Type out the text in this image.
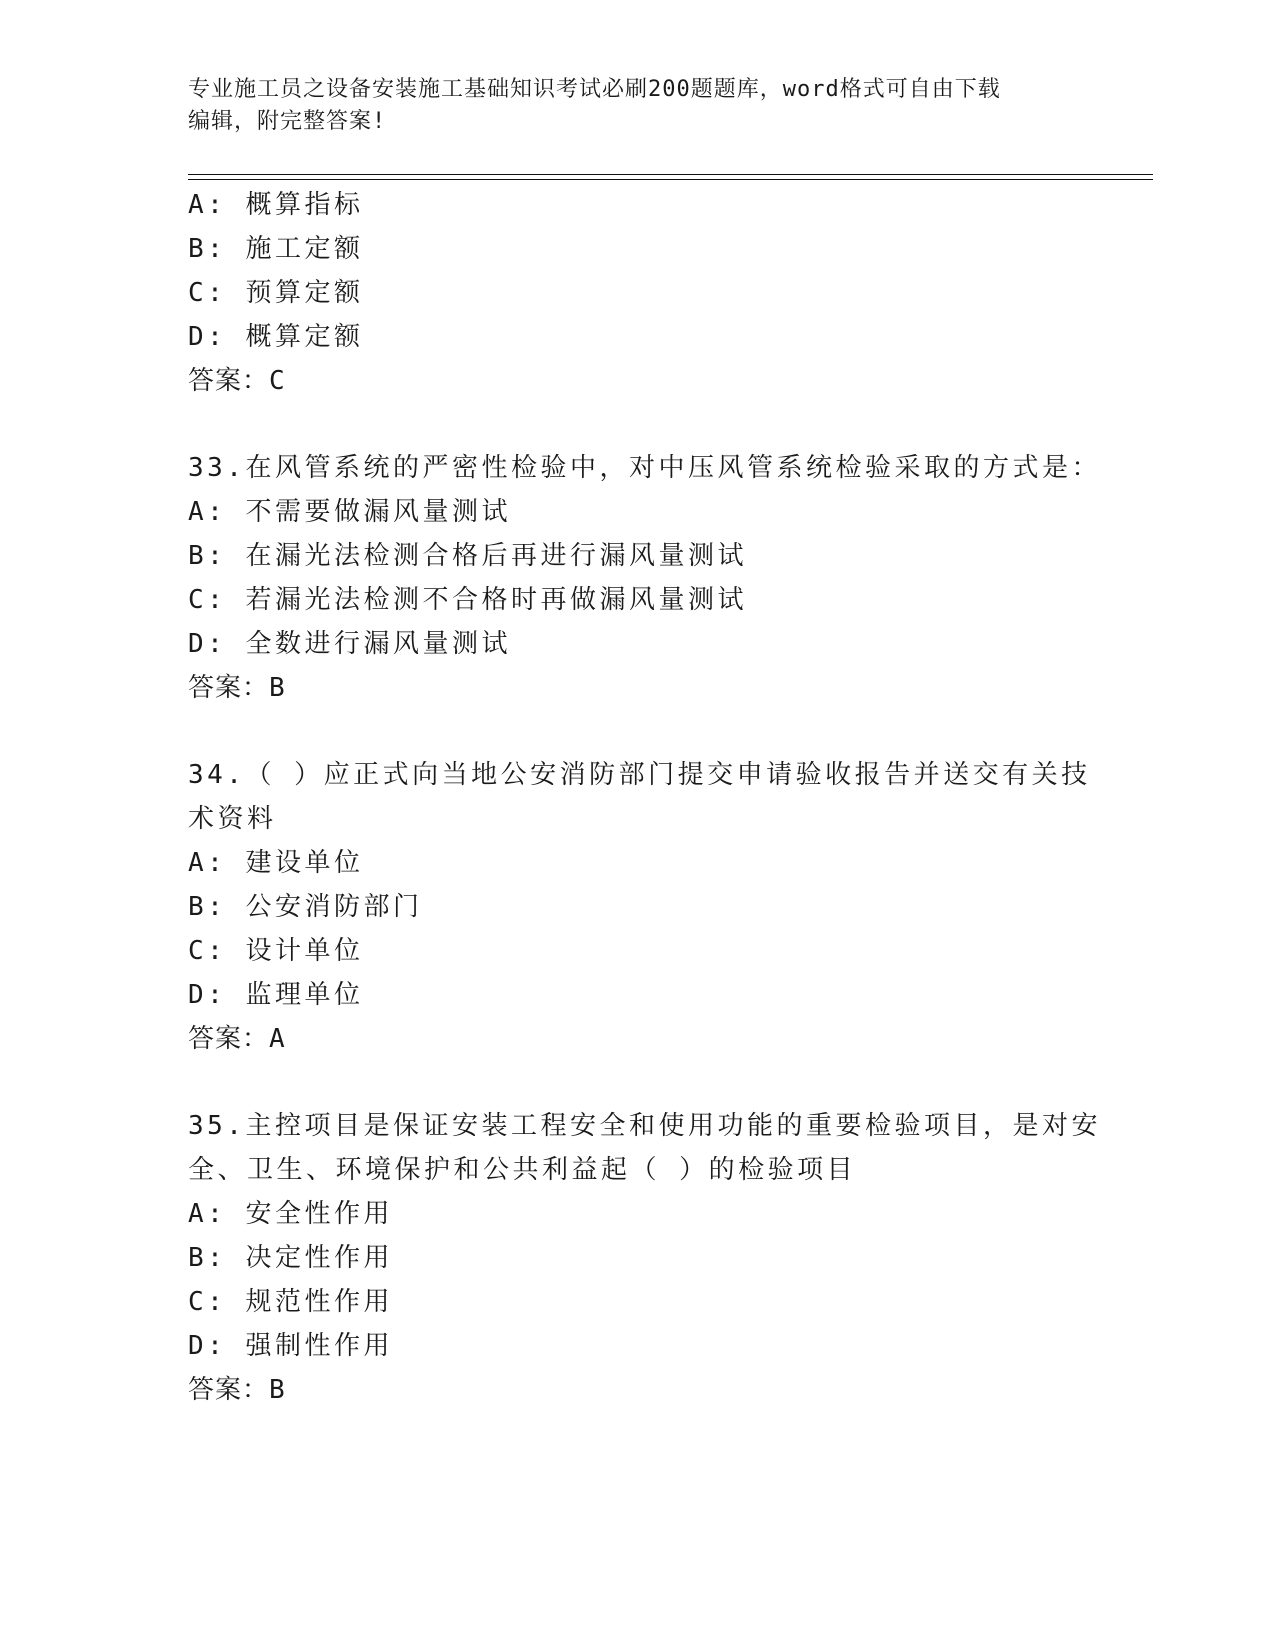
专业施工员之设备安装施工基础知识考试必刷200题题库，word格式可自由下载
编辑，附完整答案!
A: 概算指标
B: 施工定额
C: 预算定额
D: 概算定额
答案：C
33.在风管系统的严密性检验中，对中压风管系统检验采取的方式是：
A: 不需要做漏风量测试
B: 在漏光法检测合格后再进行漏风量测试
C: 若漏光法检测不合格时再做漏风量测试
D: 全数进行漏风量测试
答案：B
34.（ ）应正式向当地公安消防部门提交申请验收报告并送交有关技
术资料
A: 建设单位
B: 公安消防部门
C: 设计单位
D: 监理单位
答案：A
35.主控项目是保证安装工程安全和使用功能的重要检验项目，是对安
全、卫生、环境保护和公共利益起（ ）的检验项目
A: 安全性作用
B: 决定性作用
C: 规范性作用
D: 强制性作用
答案：B
